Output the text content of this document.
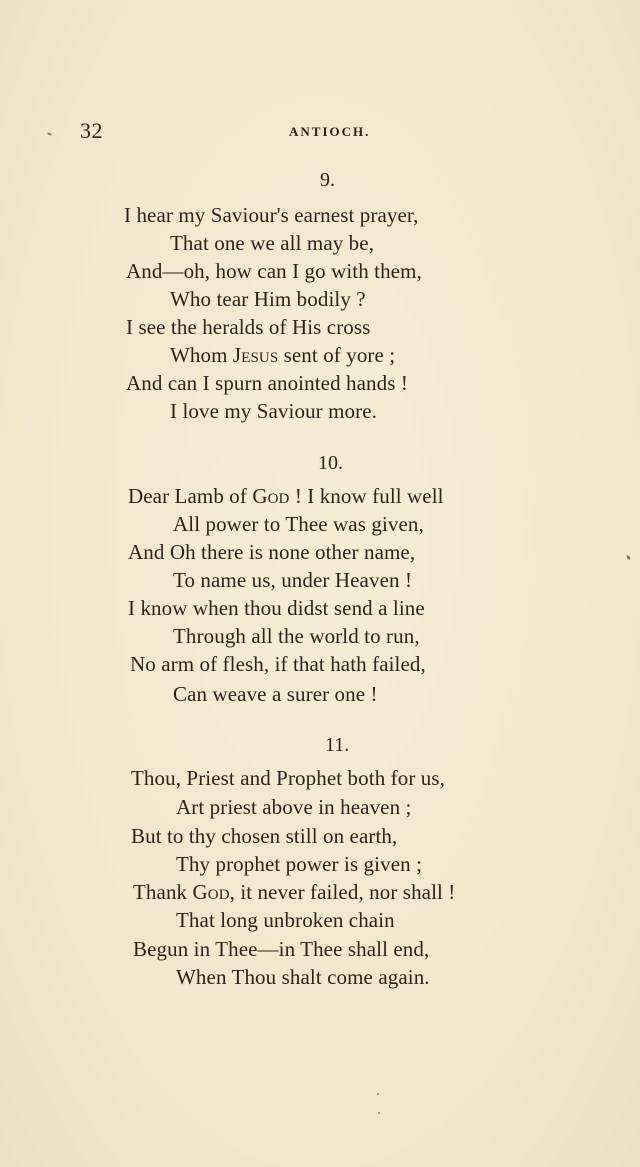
32	ANTIOCH.
9.
I hear my Saviour's earnest prayer,
That one we all may be,
And—oh, how can I go with them,
Who tear Him bodily ?
I see the heralds of His cross
Whom Jesus sent of yore ;
And can I spurn anointed hands !
I love my Saviour more.
10.
Dear Lamb of God ! I know full well
All power to Thee was given,
And Oh there is none other name,
To name us, under Heaven !
I know when thou didst send a line
Through all the world to run,
No arm of flesh, if that hath failed,
Can weave a surer one !
11.
Thou, Priest and Prophet both for us,
Art priest above in heaven ;
But to thy chosen still on earth,
Thy prophet power is given ;
Thank God, it never failed, nor shall !
That long unbroken chain
Begun in Thee—in Thee shall end,
When Thou shalt come again.
